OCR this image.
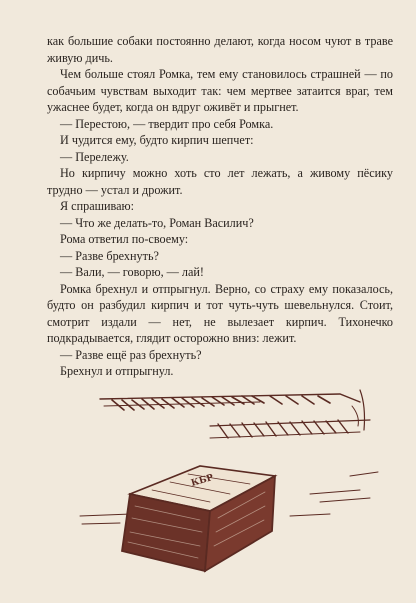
как большие собаки постоянно делают, когда носом чуют в траве живую дичь.

Чем больше стоял Ромка, тем ему становилось страшней — по собачьим чувствам выходит так: чем мертвее затаится враг, тем ужаснее будет, когда он вдруг оживёт и прыгнет.

— Перестою, — твердит про себя Ромка.

И чудится ему, будто кирпич шепчет:

— Перележу.

Но кирпичу можно хоть сто лет лежать, а живому пёсику трудно — устал и дрожит.

Я спрашиваю:

— Что же делать-то, Роман Василич?

Рома ответил по-своему:

— Разве брехнуть?

— Вали, — говорю, — лай!

Ромка брехнул и отпрыгнул. Верно, со страху ему показалось, будто он разбудил кирпич и тот чуть-чуть шевельнулся. Стоит, смотрит издали — нет, не вылезает кирпич. Тихонечко подкрадывается, глядит осторожно вниз: лежит.

— Разве ещё раз брехнуть?

Брехнул и отпрыгнул.

КБР
